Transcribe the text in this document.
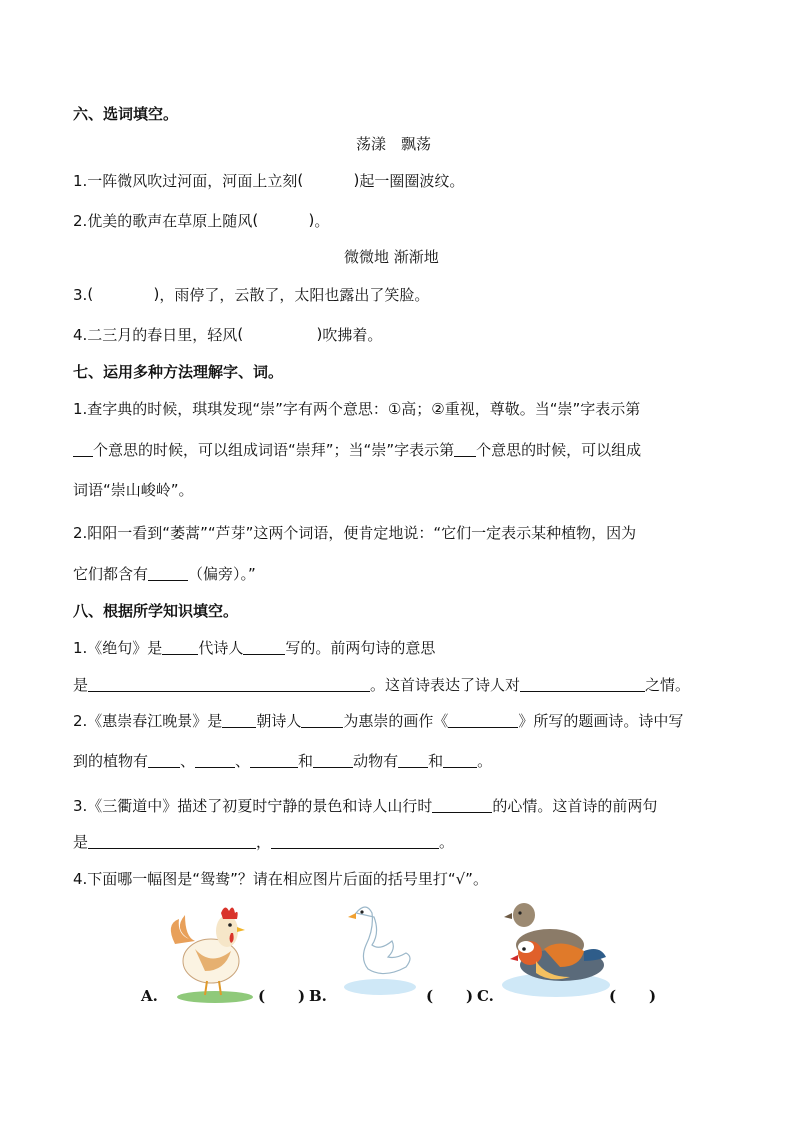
六、选词填空。
荡漾　飘荡
1.一阵微风吹过河面，河面上立刻 ( )	起一圈圈波纹。
2.优美的歌声在草原上随风 ( )	。
微微地 渐渐地
3. ( )	，雨停了，云散了，太阳也露出了笑脸。
4.二三月的春日里，轻风 ( )	吹拂着。
七、运用多种方法理解字、词。
1.查字典的时候，琪琪发现“崇”字有两个意思：①高；②重视，尊敬。当“崇”字表示第
个意思的时候，可以组成词语“崇拜”；当“崇”字表示第 个意思的时候，可以组成
词语“崇山峻岭”。
2.阳阳一看到“萎蒿”“芦芽”这两个词语，便肯定地说：“它们一定表示某种植物，因为
它们都含有	（偏旁）。”
八、根据所学知识填空。
1.《绝句》是 代诗人	写的。前两句诗的意思
是	。这首诗表达了诗人对	之情。
2.《惠崇春江晚景》是 朝诗人	为惠崇的画作《	》所写的题画诗。诗中写
到的植物有 、	、	和	动物有 和 。
3.《三衢道中》描述了初夏时宁静的景色和诗人山行时	的心情。这首诗的前两句
是	，	。
4.下面哪一幅图是“鸳鸯”？请在相应图片后面的括号里打“√”。
A.	( ) B.	( ) C.	( )
